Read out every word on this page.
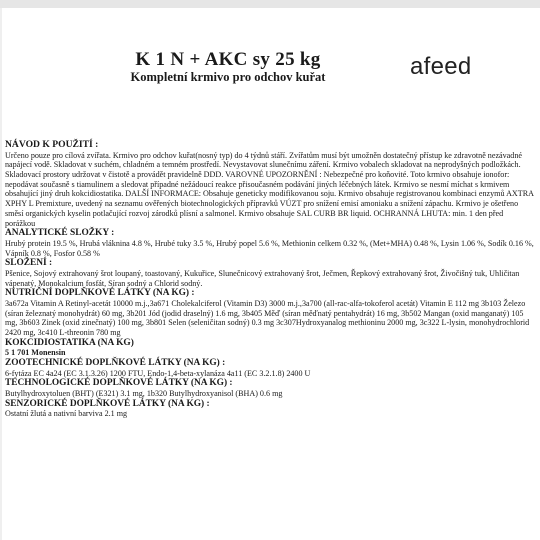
K 1 N + AKC sy 25 kg
Kompletní krmivo pro odchov kuřat	afeed
NÁVOD K POUŽITÍ :
Určeno pouze pro cílová zvířata. Krmivo pro odchov kuřat(nosný typ) do 4 týdnů stáří. Zvířatům musí být umožněn dostatečný přístup ke zdravotně nezávadné napájecí vodě. Skladovat v suchém, chladném a temném prostředí. Nevystavovat slunečnímu záření. Krmivo vobalech skladovat na neprodyšných podložkách. Skladovací prostory udržovat v čistotě a provádět pravidelně DDD. VAROVNÉ UPOZORNĚNÍ : Nebezpečné pro koňovité. Toto krmivo obsahuje ionofor: nepodávat současně s tiamulinem a sledovat případné nežádoucí reakce přisoučasném podávání jiných léčebných látek. Krmivo se nesmí míchat s krmivem obsahující jiný druh kokcidiostatika. DALŠÍ INFORMACE: Obsahuje geneticky modifikovanou soju. Krmivo obsahuje registrovanou kombinaci enzymů AXTRA XPHY L Premixture, uvedený na seznamu ověřených biotechnologických přípravků VÚZT pro snížení emisí amoniaku a snížení zápachu. Krmivo je ošetřeno směsí organických kyselin potlačující rozvoj zárodků plísní a salmonel. Krmivo obsahuje SAL CURB BR liquid. OCHRANNÁ LHUTA: min. 1 den před porážkou
ANALYTICKÉ SLOŽKY :
Hrubý protein 19.5 %, Hrubá vláknina 4.8 %, Hrubé tuky 3.5 %, Hrubý popel 5.6 %, Methionin celkem 0.32 %, (Met+MHA) 0.48 %, Lysin 1.06 %, Sodík 0.16 %, Vápník 0.8 %, Fosfor 0.58 %
SLOŽENÍ :
Pšenice, Sojový extrahovaný šrot loupaný, toastovaný, Kukuřice, Slunečnicový extrahovaný šrot, Ječmen, Řepkový extrahovaný šrot, Živočišný tuk, Uhličitan vápenatý, Monokalcium fosfát, Síran sodný a Chlorid sodný.
NUTRIČNÍ DOPLŇKOVÉ LÁTKY (NA KG) :
3a672a Vitamin A Retinyl-acetát 10000 m.j.,3a671 Cholekalciferol (Vitamin D3) 3000 m.j.,3a700 (all-rac-alfa-tokoferol acetát) Vitamin E 112 mg 3b103 Železo (síran železnatý monohydrát) 60 mg, 3b201 Jód (jodid draselný) 1.6 mg, 3b405 Měď (síran měďnatý pentahydrát) 16 mg, 3b502 Mangan (oxid manganatý) 105 mg, 3b603 Zinek (oxid zinečnatý) 100 mg, 3b801 Selen (seleničitan sodný) 0.3 mg 3c307Hydroxyanalog methioninu 2000 mg, 3c322 L-lysin, monohydrochlorid 2420 mg, 3c410 L-threonin 780 mg
KOKCIDIOSTATIKA (NA KG)
5 1 701 Monensin
ZOOTECHNICKÉ DOPLŇKOVÉ LÁTKY (NA KG) :
6-fytáza EC 4a24 (EC 3.1.3.26) 1200 FTU, Endo-1,4-beta-xylanáza 4a11 (EC 3.2.1.8) 2400 U
TECHNOLOGICKÉ DOPLŇKOVÉ LÁTKY (NA KG) :
Butylhydroxytoluen (BHT) (E321) 3.1 mg, 1b320 Butylhydroxyanisol (BHA) 0.6 mg
SENZORICKÉ DOPLŇKOVÉ LÁTKY (NA KG) :
Ostatní žlutá a nativní barviva 2.1 mg
